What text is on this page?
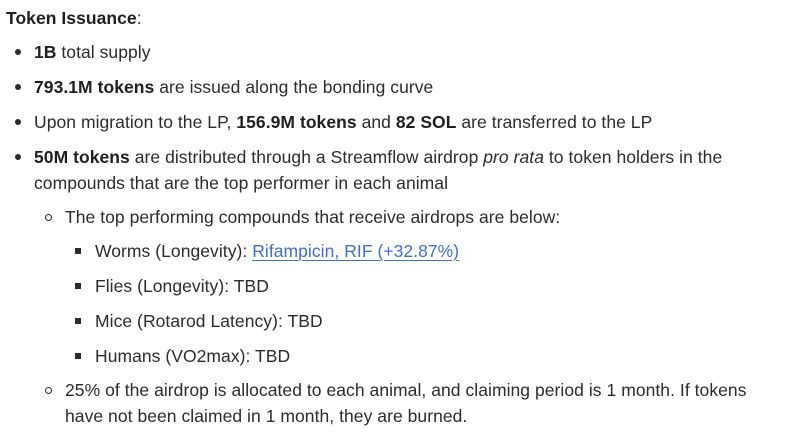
Token Issuance:
1B total supply
793.1M tokens are issued along the bonding curve
Upon migration to the LP, 156.9M tokens and 82 SOL are transferred to the LP
50M tokens are distributed through a Streamflow airdrop pro rata to token holders in the
compounds that are the top performer in each animal
The top performing compounds that receive airdrops are below:
Worms (Longevity): Rifampicin, RIF (+32.87%)
Flies (Longevity): TBD
Mice (Rotarod Latency): TBD
Humans (VO2max): TBD
25% of the airdrop is allocated to each animal, and claiming period is 1 month. If tokens
have not been claimed in 1 month, they are burned.
